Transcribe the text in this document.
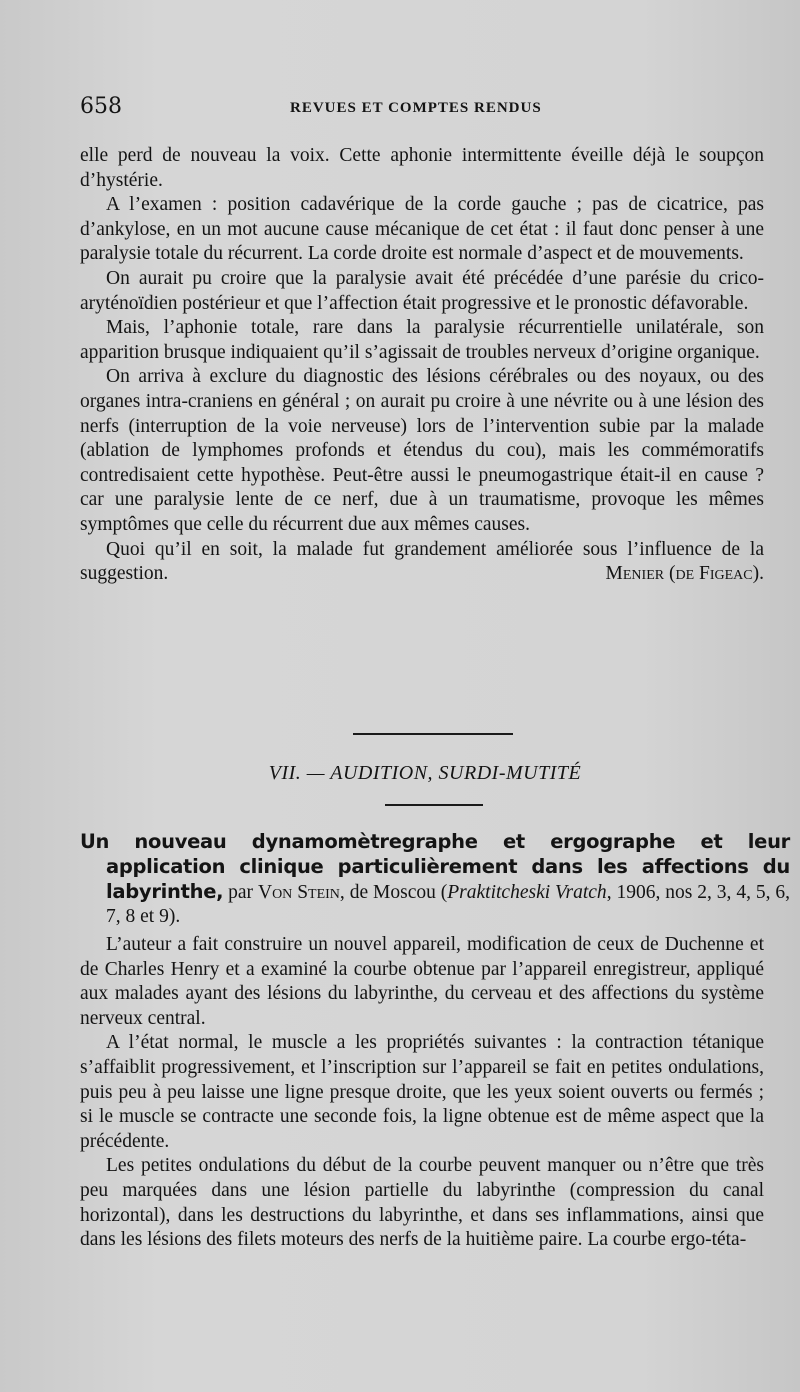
658	REVUES ET COMPTES RENDUS

elle perd de nouveau la voix. Cette aphonie intermittente éveille déjà le soupçon d’hystérie.

A l’examen : position cadavérique de la corde gauche ; pas de cicatrice, pas d’ankylose, en un mot aucune cause mécanique de cet état : il faut donc penser à une paralysie totale du récurrent. La corde droite est normale d’aspect et de mouvements.

On aurait pu croire que la paralysie avait été précédée d’une parésie du crico-aryténoïdien postérieur et que l’affection était progressive et le pronostic défavorable.

Mais, l’aphonie totale, rare dans la paralysie récurrentielle unilatérale, son apparition brusque indiquaient qu’il s’agissait de troubles nerveux d’origine organique.

On arriva à exclure du diagnostic des lésions cérébrales ou des noyaux, ou des organes intra-craniens en général ; on aurait pu croire à une névrite ou à une lésion des nerfs (interruption de la voie nerveuse) lors de l’intervention subie par la malade (ablation de lymphomes profonds et étendus du cou), mais les commémoratifs contredisaient cette hypothèse. Peut-être aussi le pneumogastrique était-il en cause ? car une paralysie lente de ce nerf, due à un traumatisme, provoque les mêmes symptômes que celle du récurrent due aux mêmes causes.

Quoi qu’il en soit, la malade fut grandement améliorée sous l’influence de la suggestion.	Menier (de Figeac).

VII. — AUDITION, SURDI-MUTITÉ
Un nouveau dynamomètregraphe et ergographe et leur application clinique particulièrement dans les affections du labyrinthe, par Von Stein, de Moscou (Praktitcheski Vratch, 1906, nos 2, 3, 4, 5, 6, 7, 8 et 9).

L’auteur a fait construire un nouvel appareil, modification de ceux de Duchenne et de Charles Henry et a examiné la courbe obtenue par l’appareil enregistreur, appliqué aux malades ayant des lésions du labyrinthe, du cerveau et des affections du système nerveux central.

A l’état normal, le muscle a les propriétés suivantes : la contraction tétanique s’affaiblit progressivement, et l’inscription sur l’appareil se fait en petites ondulations, puis peu à peu laisse une ligne presque droite, que les yeux soient ouverts ou fermés ; si le muscle se contracte une seconde fois, la ligne obtenue est de même aspect que la précédente.

Les petites ondulations du début de la courbe peuvent manquer ou n’être que très peu marquées dans une lésion partielle du labyrinthe (compression du canal horizontal), dans les destructions du labyrinthe, et dans ses inflammations, ainsi que dans les lésions des filets moteurs des nerfs de la huitième paire. La courbe ergo-téta-
